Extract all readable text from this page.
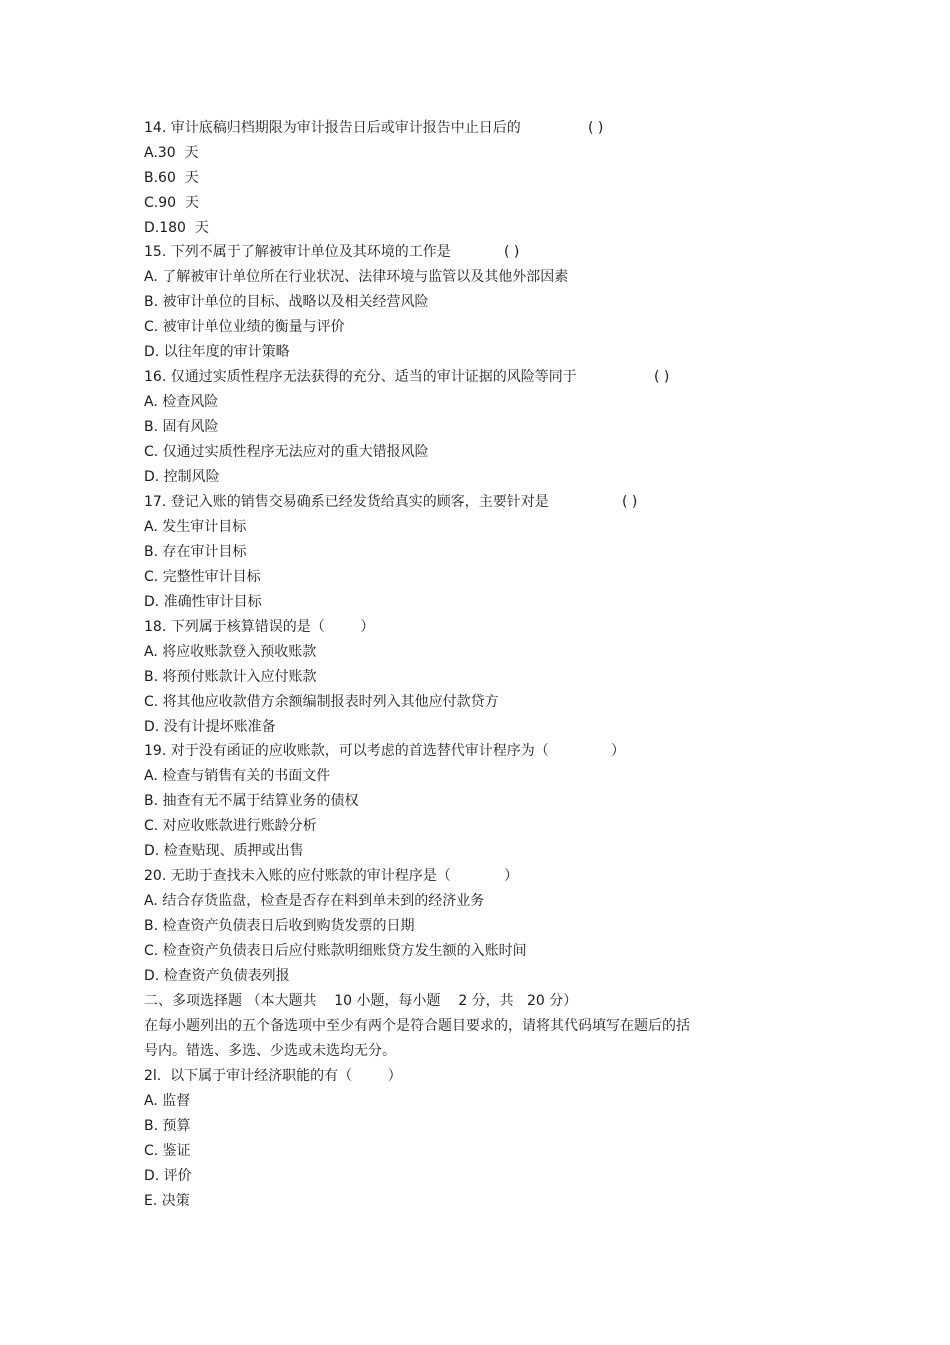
14. 审计底稿归档期限为审计报告日后或审计报告中止日后的	( )
A.30  天
B.60  天
C.90  天
D.180  天
15. 下列不属于了解被审计单位及其环境的工作是	( )
A. 了解被审计单位所在行业状况、法律环境与监管以及其他外部因素
B. 被审计单位的目标、战略以及相关经营风险
C. 被审计单位业绩的衡量与评价
D. 以往年度的审计策略
16. 仅通过实质性程序无法获得的充分、适当的审计证据的风险等同于	( )
A. 检查风险
B. 固有风险
C. 仅通过实质性程序无法应对的重大错报风险
D. 控制风险
17. 登记入账的销售交易确系已经发货给真实的顾客，主要针对是	( )
A. 发生审计目标
B. 存在审计目标
C. 完整性审计目标
D. 准确性审计目标
18. 下列属于核算错误的是（        ）
A. 将应收账款登入预收账款
B. 将预付账款计入应付账款
C. 将其他应收款借方余额编制报表时列入其他应付款贷方
D. 没有计提坏账准备
19. 对于没有函证的应收账款，可以考虑的首选替代审计程序为（              ）
A. 检查与销售有关的书面文件
B. 抽查有无不属于结算业务的债权
C. 对应收账款进行账龄分析
D. 检查贴现、质押或出售
20. 无助于查找未入账的应付账款的审计程序是（            ）
A. 结合存货监盘，检查是否存在料到单未到的经济业务
B. 检查资产负债表日后收到购货发票的日期
C. 检查资产负债表日后应付账款明细账贷方发生额的入账时间
D. 检查资产负债表列报
二、多项选择题 （本大题共    10 小题，每小题    2 分，共   20 分）
在每小题列出的五个备选项中至少有两个是符合题目要求的，请将其代码填写在题后的括
号内。错选、多选、少选或未选均无分。
2l.  以下属于审计经济职能的有（        ）
A. 监督
B. 预算
C. 鉴证
D. 评价
E. 决策
